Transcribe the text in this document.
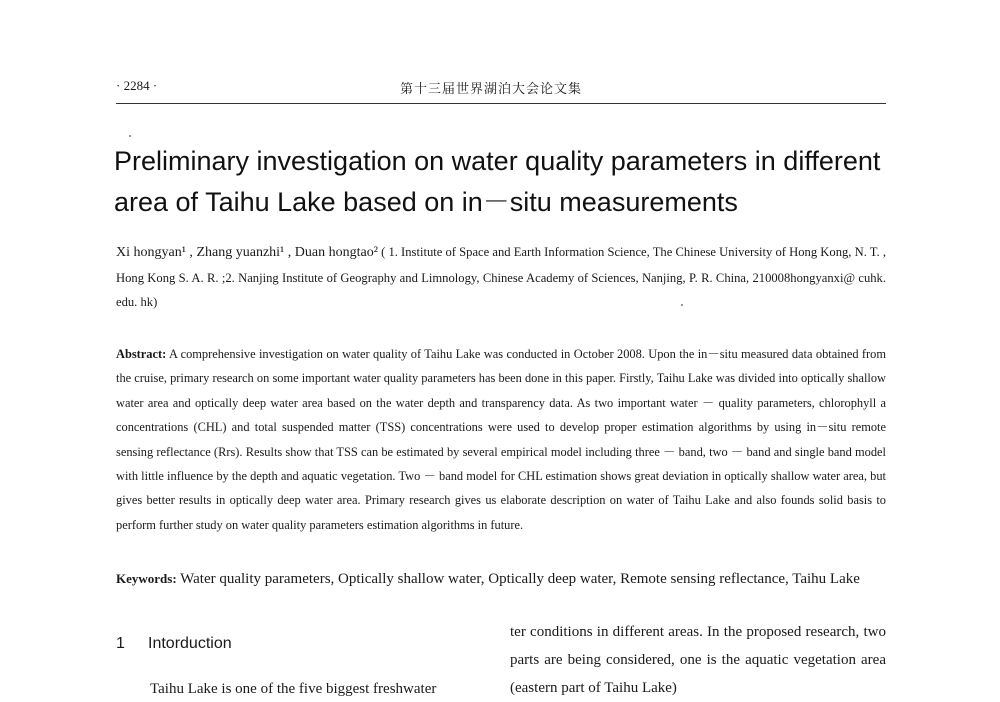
· 2284 ·	第十三届世界湖泊大会论文集
Preliminary investigation on water quality parameters in different area of Taihu Lake based on in－situ measurements

Xi hongyan¹ , Zhang yuanzhi¹ , Duan hongtao² ( 1. Institute of Space and Earth Information Science, The Chinese University of Hong Kong, N. T. , Hong Kong S. A. R. ;2. Nanjing Institute of Geography and Limnology, Chinese Academy of Sciences, Nanjing, P. R. China, 210008hongyanxi@ cuhk. edu. hk)

Abstract: A comprehensive investigation on water quality of Taihu Lake was conducted in October 2008. Upon the in－situ measured data obtained from the cruise, primary research on some important water quality parameters has been done in this paper. Firstly, Taihu Lake was divided into optically shallow water area and optically deep water area based on the water depth and transparency data. As two important water － quality parameters, chlorophyll a concentrations (CHL) and total suspended matter (TSS) concentrations were used to develop proper estimation algorithms by using in－situ remote sensing reflectance (Rrs). Results show that TSS can be estimated by several empirical model including three － band, two － band and single band model with little influence by the depth and aquatic vegetation. Two － band model for CHL estimation shows great deviation in optically shallow water area, but gives better results in optically deep water area. Primary research gives us elaborate description on water of Taihu Lake and also founds solid basis to perform further study on water quality parameters estimation algorithms in future.

Keywords: Water quality parameters, Optically shallow water, Optically deep water, Remote sensing reflectance, Taihu Lake

1 Intorduction

Taihu Lake is one of the five biggest freshwater

ter conditions in different areas. In the proposed research, two parts are being considered, one is the aquatic vegetation area (eastern part of Taihu Lake)
